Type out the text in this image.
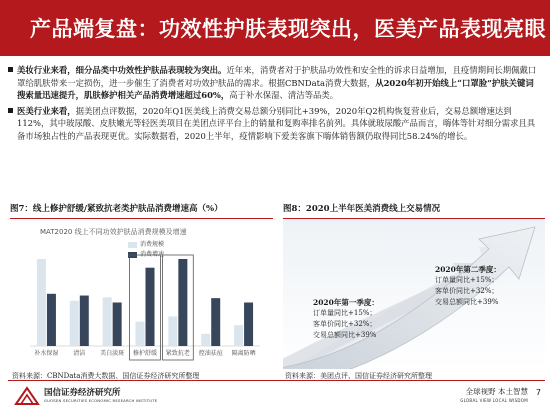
产品端复盘：功效性护肤表现突出，医美产品表现亮眼
美妆行业来看，细分品类中功效性护肤品表现较为突出。近年来，消费者对于护肤品功效性和安全性的诉求日益增加，且疫情期间长期佩戴口罩给肌肤带来一定损伤，进一步催生了消费者对功效护肤品的需求。根据CBNData消费大数据，从2020年初开始线上“口罩脸”护肤关键词搜索量迅速提升，肌肤修护相关产品消费增速超过60%，高于补水保湿、清洁等品类。
医美行业来看，据美团点评数据，2020年Q1医美线上消费交易总额分别同比+39%，2020年Q2机构恢复营业后，交易总额增速达到112%，其中玻尿酸、皮肤嫩光等轻医美项目在美团点评平台上的销量和复购率排名前列。具体就玻尿酸产品而言，嗨体等针对细分需求且具备市场独占性的产品表现更优。实际数据看，2020上半年，疫情影响下爱美客旗下嗨体销售额仍取得同比58.24%的增长。
图7：线上修护舒缓/紧致抗老类护肤品消费增速高（%）	图8：2020上半年医美消费线上交易情况
MAT2020 线上不同功效护肤品消费规模及增速
消费规模
消费增速
补水保湿 清洁 美白淡斑 修护舒缓 紧致抗老 控油祛痘 隔离防晒
2020年第一季度：
订单量同比+15%；
客单价同比+32%；
交易总额同比+39%
2020年第二季度：
订单量同比+15%；
客单价同比+32%；
交易总额同比+39%
资料来源：CBNData消费大数据、国信证券经济研究所整理	资料来源：美团点评、国信证券经济研究所整理
国信证券经济研究所
GUOSEN SECURITIES ECONOMIC RESEARCH INSTITUTE
全球视野 本土智慧
GLOBAL VIEW LOCAL WISDOM
7
